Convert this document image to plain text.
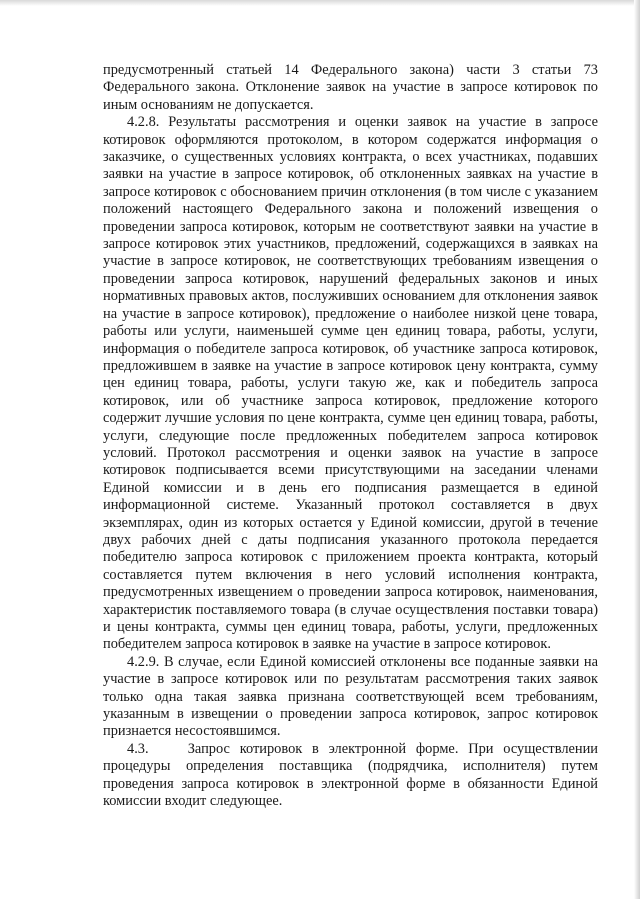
предусмотренный статьей 14 Федерального закона) части 3 статьи 73 Федерального закона. Отклонение заявок на участие в запросе котировок по иным основаниям не допускается.

4.2.8. Результаты рассмотрения и оценки заявок на участие в запросе котировок оформляются протоколом, в котором содержатся информация о заказчике, о существенных условиях контракта, о всех участниках, подавших заявки на участие в запросе котировок, об отклоненных заявках на участие в запросе котировок с обоснованием причин отклонения (в том числе с указанием положений настоящего Федерального закона и положений извещения о проведении запроса котировок, которым не соответствуют заявки на участие в запросе котировок этих участников, предложений, содержащихся в заявках на участие в запросе котировок, не соответствующих требованиям извещения о проведении запроса котировок, нарушений федеральных законов и иных нормативных правовых актов, послуживших основанием для отклонения заявок на участие в запросе котировок), предложение о наиболее низкой цене товара, работы или услуги, наименьшей сумме цен единиц товара, работы, услуги, информация о победителе запроса котировок, об участнике запроса котировок, предложившем в заявке на участие в запросе котировок цену контракта, сумму цен единиц товара, работы, услуги такую же, как и победитель запроса котировок, или об участнике запроса котировок, предложение которого содержит лучшие условия по цене контракта, сумме цен единиц товара, работы, услуги, следующие после предложенных победителем запроса котировок условий. Протокол рассмотрения и оценки заявок на участие в запросе котировок подписывается всеми присутствующими на заседании членами Единой комиссии и в день его подписания размещается в единой информационной системе. Указанный протокол составляется в двух экземплярах, один из которых остается у Единой комиссии, другой в течение двух рабочих дней с даты подписания указанного протокола передается победителю запроса котировок с приложением проекта контракта, который составляется путем включения в него условий исполнения контракта, предусмотренных извещением о проведении запроса котировок, наименования, характеристик поставляемого товара (в случае осуществления поставки товара) и цены контракта, суммы цен единиц товара, работы, услуги, предложенных победителем запроса котировок в заявке на участие в запросе котировок.

4.2.9. В случае, если Единой комиссией отклонены все поданные заявки на участие в запросе котировок или по результатам рассмотрения таких заявок только одна такая заявка признана соответствующей всем требованиям, указанным в извещении о проведении запроса котировок, запрос котировок признается несостоявшимся.

4.3.    Запрос котировок в электронной форме. При осуществлении процедуры определения поставщика (подрядчика, исполнителя) путем проведения запроса котировок в электронной форме в обязанности Единой комиссии входит следующее.
